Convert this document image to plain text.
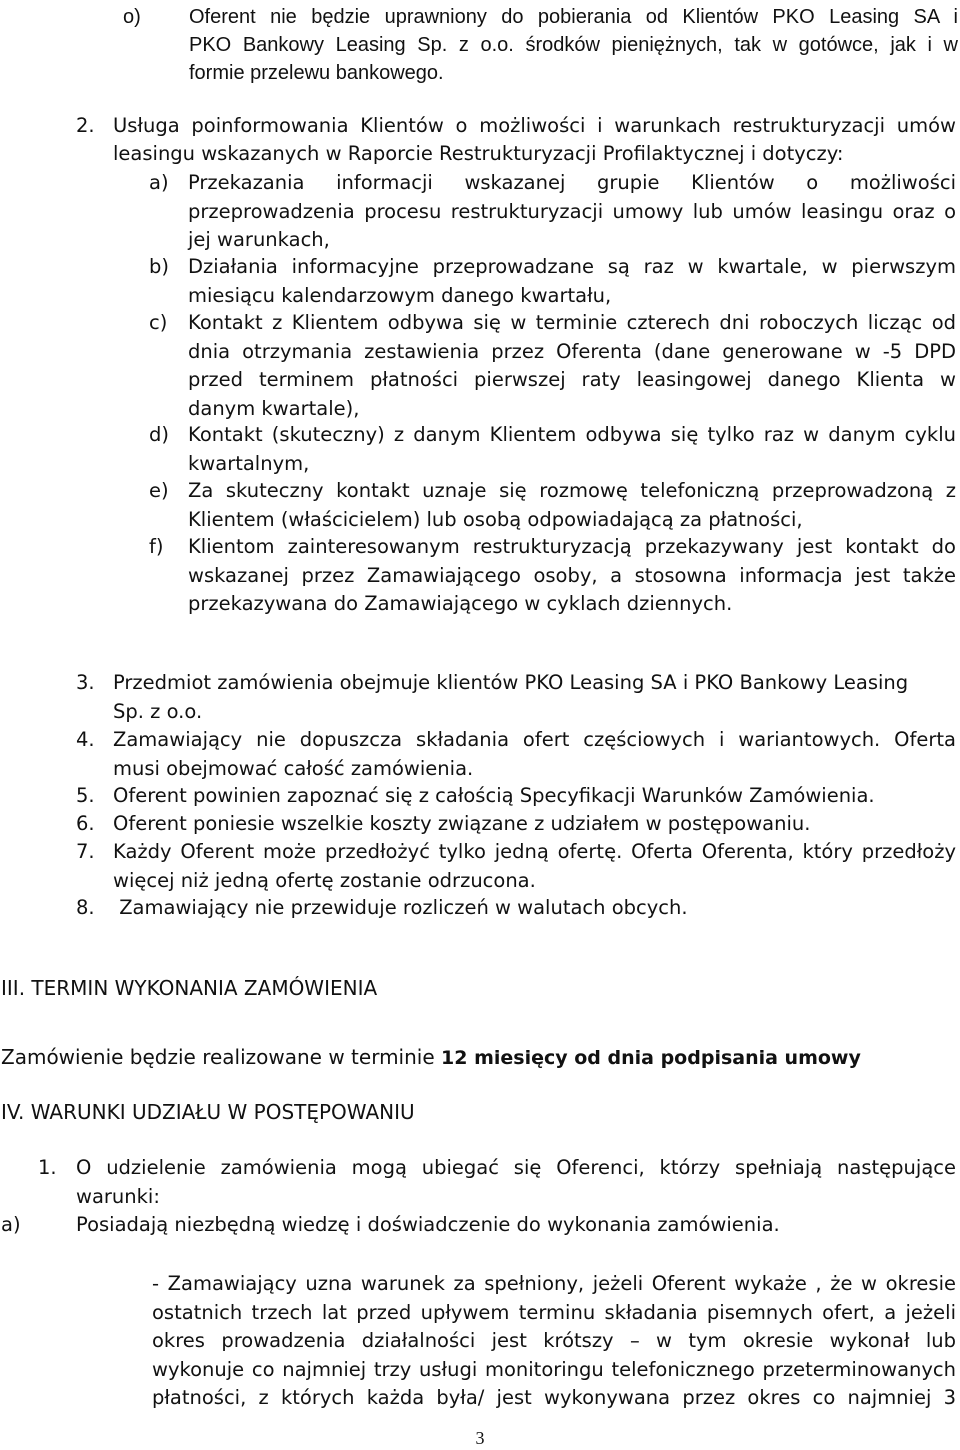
o) Oferent nie będzie uprawniony do pobierania od Klientów PKO Leasing SA i
PKO Bankowy Leasing Sp. z o.o. środków pieniężnych, tak w gotówce, jak i w
formie przelewu bankowego.
2. Usługa poinformowania Klientów o możliwości i warunkach restrukturyzacji umów
leasingu wskazanych w Raporcie Restrukturyzacji Profilaktycznej i dotyczy:
a) Przekazania informacji wskazanej grupie Klientów o możliwości
przeprowadzenia procesu restrukturyzacji umowy lub umów leasingu oraz o
jej warunkach,
b) Działania informacyjne przeprowadzane są raz w kwartale, w pierwszym
miesiącu kalendarzowym danego kwartału,
c) Kontakt z Klientem odbywa się w terminie czterech dni roboczych licząc od
dnia otrzymania zestawienia przez Oferenta (dane generowane w -5 DPD
przed terminem płatności pierwszej raty leasingowej danego Klienta w
danym kwartale),
d) Kontakt (skuteczny) z danym Klientem odbywa się tylko raz w danym cyklu
kwartalnym,
e) Za skuteczny kontakt uznaje się rozmowę telefoniczną przeprowadzoną z
Klientem (właścicielem) lub osobą odpowiadającą za płatności,
f) Klientom zainteresowanym restrukturyzacją przekazywany jest kontakt do
wskazanej przez Zamawiającego osoby, a stosowna informacja jest także
przekazywana do Zamawiającego w cyklach dziennych.
3. Przedmiot zamówienia obejmuje klientów PKO Leasing SA i PKO Bankowy Leasing
Sp. z o.o.
4. Zamawiający nie dopuszcza składania ofert częściowych i wariantowych. Oferta
musi obejmować całość zamówienia.
5. Oferent powinien zapoznać się z całością Specyfikacji Warunków Zamówienia.
6. Oferent poniesie wszelkie koszty związane z udziałem w postępowaniu.
7. Każdy Oferent może przedłożyć tylko jedną ofertę. Oferta Oferenta, który przedłoży
więcej niż jedną ofertę zostanie odrzucona.
8. Zamawiający nie przewiduje rozliczeń w walutach obcych.
III. TERMIN WYKONANIA ZAMÓWIENIA
Zamówienie będzie realizowane w terminie 12 miesięcy od dnia podpisania umowy
IV. WARUNKI UDZIAŁU W POSTĘPOWANIU
1. O udzielenie zamówienia mogą ubiegać się Oferenci, którzy spełniają następujące
warunki:
a)	Posiadają niezbędną wiedzę i doświadczenie do wykonania zamówienia.
- Zamawiający uzna warunek za spełniony, jeżeli Oferent wykaże , że w okresie
ostatnich trzech lat przed upływem terminu składania pisemnych ofert, a jeżeli
okres prowadzenia działalności jest krótszy – w tym okresie wykonał lub
wykonuje co najmniej trzy usługi monitoringu telefonicznego przeterminowanych
płatności, z których każda była/ jest wykonywana przez okres co najmniej 3
3
